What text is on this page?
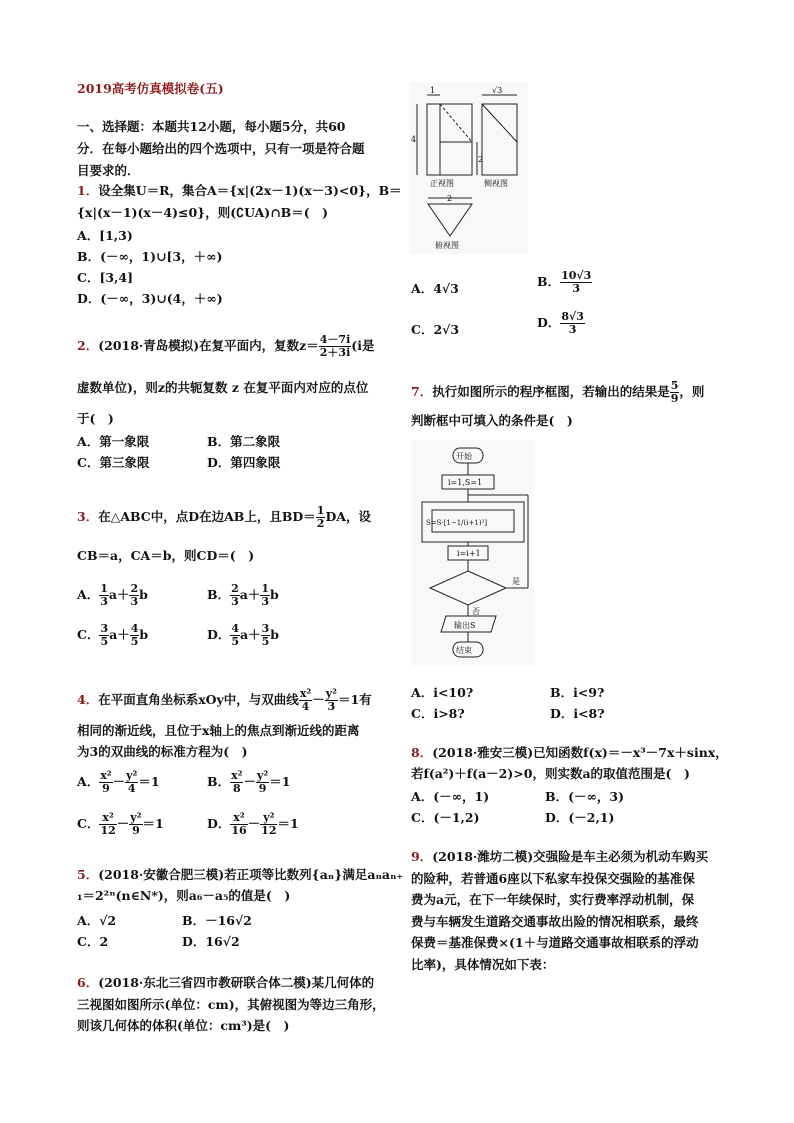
2019高考仿真模拟卷(五)
一、选择题：本题共12小题，每小题5分，共60
分．在每小题给出的四个选项中，只有一项是符合题
目要求的．
1．设全集U＝R，集合A＝{x|(2x－1)(x－3)<0}，B＝
{x|(x－1)(x－4)≤0}，则(∁UA)∩B＝(　)
A．[1,3)
B．(－∞，1)∪[3，＋∞)
C．[3,4]
D．(－∞，3)∪(4，＋∞)
2．(2018·青岛模拟)在复平面内，复数$z= \frac{4-7i}{2+3i} (i$是
虚数单位)，则z的共轭复数 z 在复平面内对应的点位
于(　)
A．第一象限	B．第二象限
C．第三象限	D．第四象限
3．在△ABC中，点D在边AB上，且$BD= \frac{1}{2}$ DA，设
CB＝a，CA＝b，则CD＝(　)
A． $\frac{1}{3} a+ \frac{2}{3}$ b	B． $\frac{2}{3} a+ \frac{1}{3}$ b
C． $\frac{3}{5} a+ \frac{4}{5}$ b	D． $\frac{4}{5} a+ \frac{3}{5}$ b
4．在平面直角坐标系xOy中，与双曲线 $\frac{\text{x²}}{4} - \frac{\text{y²}}{3} =1$有
相同的渐近线，且位于x轴上的焦点到渐近线的距离
为3的双曲线的标准方程为(　)
A． $\frac{\text{x²}}{9} - \frac{\text{y²}}{4} =1$	B． $\frac{\text{x²}}{8} - \frac{\text{y²}}{9} =1$
C． $\frac{\text{x²}}{12} - \frac{\text{y²}}{9} =1$	D． $\frac{\text{x²}}{16} - \frac{\text{y²}}{12} =1$
5．(2018·安徽合肥三模)若正项等比数列{aₙ}满足aₙaₙ₊
₁＝2²ⁿ(n∈N*)，则a₆－a₅的值是(　)
A．√2	B．－16√2
C．2	D．16√2
6．(2018·东北三省四市教研联合体二模)某几何体的
三视图如图所示(单位：cm)，其俯视图为等边三角形，
则该几何体的体积(单位：cm³)是(　)
1
4
2
√3
2
正视图	侧视图
俯视图
A．4√3	B． $\frac{10√3}{3}$
C．2√3	D． $\frac{8√3}{3}$
7．执行如图所示的程序框图，若输出的结果是 $\frac{5}{9}$ ，则
判断框中可填入的条件是(　)
开始
i=1,S=1
S=S·[1−1/(i+1)²]
i=i+1
是
否
输出S
结束
A．i<10?	B．i<9?
C．i>8?	D．i<8?
8．(2018·雅安三模)已知函数f(x)＝－x³－7x＋sinx，
若f(a²)＋f(a－2)>0，则实数a的取值范围是(　)
A．(－∞，1)	B．(－∞，3)
C．(－1,2)	D．(－2,1)
9．(2018·潍坊二模)交强险是车主必须为机动车购买
的险种，若普通6座以下私家车投保交强险的基准保
费为a元，在下一年续保时，实行费率浮动机制，保
费与车辆发生道路交通事故出险的情况相联系，最终
保费＝基准保费×(1＋与道路交通事故相联系的浮动
比率)，具体情况如下表：
